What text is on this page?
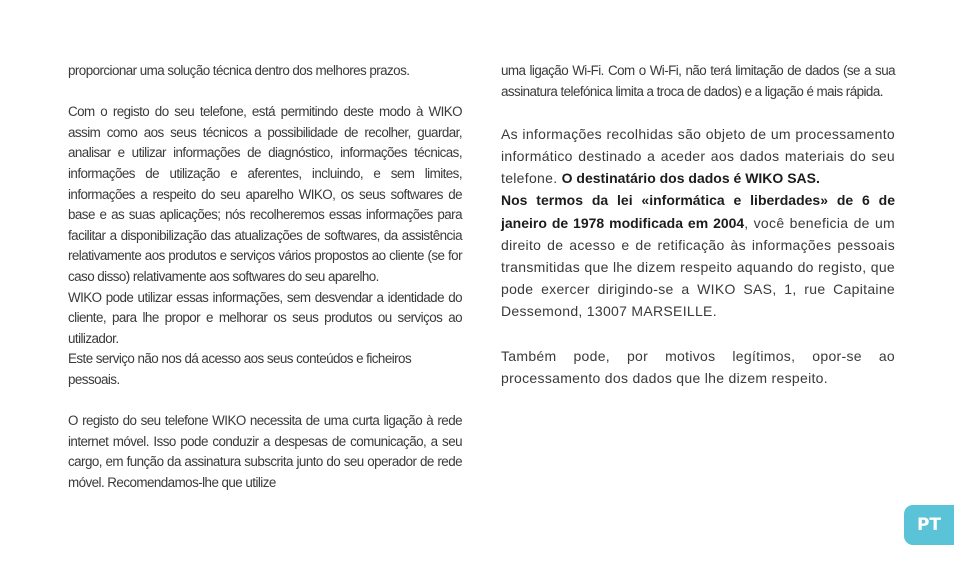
proporcionar uma solução técnica dentro dos melhores prazos.

Com o registo do seu telefone, está permitindo deste modo à WIKO assim como aos seus técnicos a possibilidade de recolher, guardar, analisar e utilizar informações de diagnóstico, informações técnicas, informações de utilização e aferentes, incluindo, e sem limites, informações a respeito do seu aparelho WIKO, os seus softwares de base e as suas aplicações; nós recolheremos essas informações para facilitar a disponibilização das atualizações de softwares, da assistência relativamente aos produtos e serviços vários propostos ao cliente (se for caso disso) relativamente aos softwares do seu aparelho.

WIKO pode utilizar essas informações, sem desvendar a identidade do cliente, para lhe propor e melhorar os seus produtos ou serviços ao utilizador.

Este serviço não nos dá acesso aos seus conteúdos e ficheiros pessoais.

O registo do seu telefone WIKO necessita de uma curta ligação à rede internet móvel. Isso pode conduzir a despesas de comunicação, a seu cargo, em função da assinatura subscrita junto do seu operador de rede móvel. Recomendamos-lhe que utilize

uma ligação Wi-Fi. Com o Wi-Fi, não terá limitação de dados (se a sua assinatura telefónica limita a troca de dados) e a ligação é mais rápida.

As informações recolhidas são objeto de um processamento informático destinado a aceder aos dados materiais do seu telefone. O destinatário dos dados é WIKO SAS.

Nos termos da lei «informática e liberdades» de 6 de janeiro de 1978 modificada em 2004, você beneficia de um direito de acesso e de retificação às informações pessoais transmitidas que lhe dizem respeito aquando do registo, que pode exercer dirigindo-se a WIKO SAS, 1, rue Capitaine Dessemond, 13007 MARSEILLE.

Também pode, por motivos legítimos, opor-se ao processamento dos dados que lhe dizem respeito.

PT
